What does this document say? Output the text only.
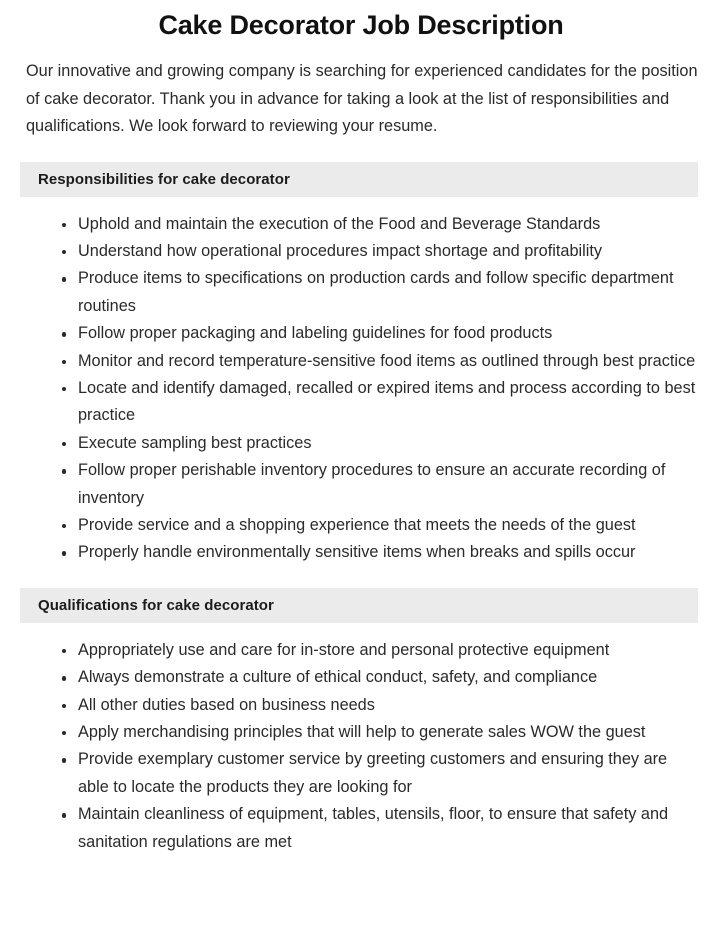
Cake Decorator Job Description

Our innovative and growing company is searching for experienced candidates for the position of cake decorator. Thank you in advance for taking a look at the list of responsibilities and qualifications. We look forward to reviewing your resume.

Responsibilities for cake decorator
Uphold and maintain the execution of the Food and Beverage Standards
Understand how operational procedures impact shortage and profitability
Produce items to specifications on production cards and follow specific department routines
Follow proper packaging and labeling guidelines for food products
Monitor and record temperature-sensitive food items as outlined through best practice
Locate and identify damaged, recalled or expired items and process according to best practice
Execute sampling best practices
Follow proper perishable inventory procedures to ensure an accurate recording of inventory
Provide service and a shopping experience that meets the needs of the guest
Properly handle environmentally sensitive items when breaks and spills occur
Qualifications for cake decorator
Appropriately use and care for in-store and personal protective equipment
Always demonstrate a culture of ethical conduct, safety, and compliance
All other duties based on business needs
Apply merchandising principles that will help to generate sales WOW the guest
Provide exemplary customer service by greeting customers and ensuring they are able to locate the products they are looking for
Maintain cleanliness of equipment, tables, utensils, floor, to ensure that safety and sanitation regulations are met
